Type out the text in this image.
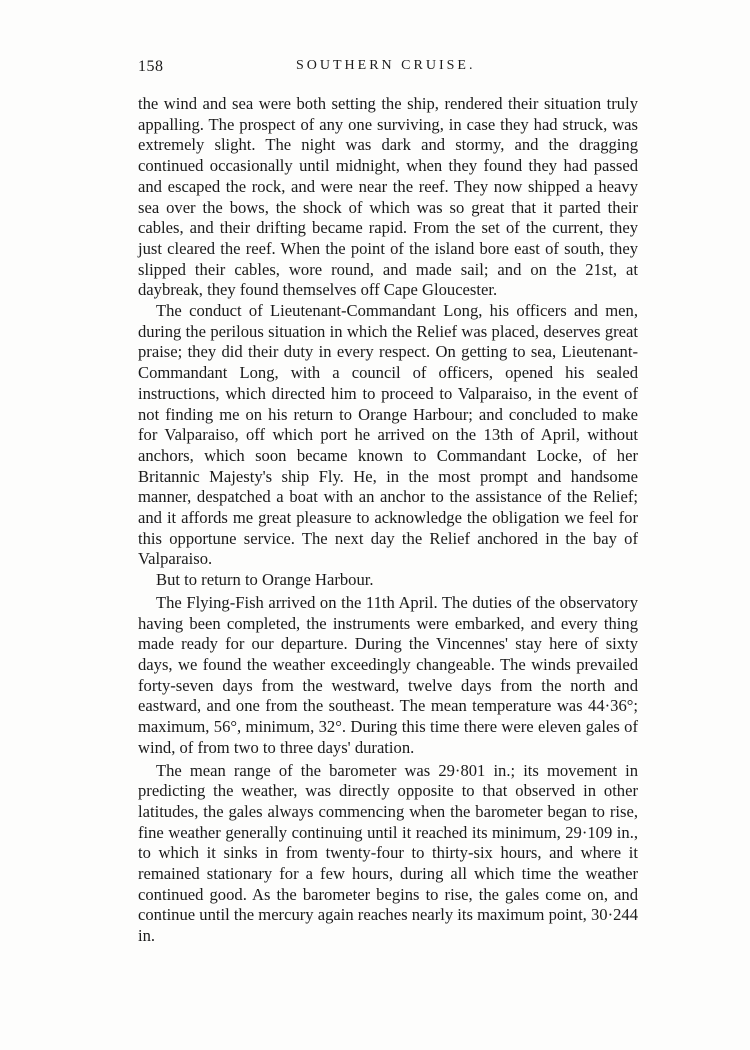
158	SOUTHERN CRUISE.

the wind and sea were both setting the ship, rendered their situation truly appalling. The prospect of any one surviving, in case they had struck, was extremely slight. The night was dark and stormy, and the dragging continued occasionally until midnight, when they found they had passed and escaped the rock, and were near the reef. They now shipped a heavy sea over the bows, the shock of which was so great that it parted their cables, and their drifting became rapid. From the set of the current, they just cleared the reef. When the point of the island bore east of south, they slipped their cables, wore round, and made sail; and on the 21st, at daybreak, they found themselves off Cape Gloucester.

The conduct of Lieutenant-Commandant Long, his officers and men, during the perilous situation in which the Relief was placed, deserves great praise; they did their duty in every respect. On getting to sea, Lieutenant-Commandant Long, with a council of officers, opened his sealed instructions, which directed him to proceed to Valparaiso, in the event of not finding me on his return to Orange Harbour; and concluded to make for Valparaiso, off which port he arrived on the 13th of April, without anchors, which soon became known to Commandant Locke, of her Britannic Majesty's ship Fly. He, in the most prompt and handsome manner, despatched a boat with an anchor to the assistance of the Relief; and it affords me great pleasure to acknowledge the obligation we feel for this opportune service. The next day the Relief anchored in the bay of Valparaiso.

But to return to Orange Harbour.

The Flying-Fish arrived on the 11th April. The duties of the observatory having been completed, the instruments were embarked, and every thing made ready for our departure. During the Vincennes' stay here of sixty days, we found the weather exceedingly changeable. The winds prevailed forty-seven days from the westward, twelve days from the north and eastward, and one from the southeast. The mean temperature was 44·36°; maximum, 56°, minimum, 32°. During this time there were eleven gales of wind, of from two to three days' duration.

The mean range of the barometer was 29·801 in.; its movement in predicting the weather, was directly opposite to that observed in other latitudes, the gales always commencing when the barometer began to rise, fine weather generally continuing until it reached its minimum, 29·109 in., to which it sinks in from twenty-four to thirty-six hours, and where it remained stationary for a few hours, during all which time the weather continued good. As the barometer begins to rise, the gales come on, and continue until the mercury again reaches nearly its maximum point, 30·244 in.
